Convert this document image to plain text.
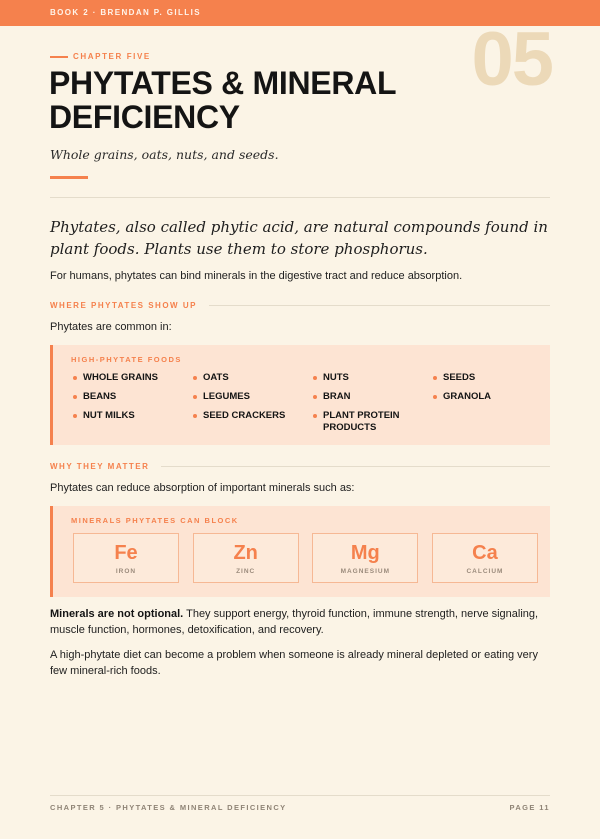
BOOK 2 · BRENDAN P. GILLIS
05
CHAPTER FIVE
PHYTATES & MINERAL DEFICIENCY
Whole grains, oats, nuts, and seeds.
Phytates, also called phytic acid, are natural compounds found in plant foods. Plants use them to store phosphorus.
For humans, phytates can bind minerals in the digestive tract and reduce absorption.
WHERE PHYTATES SHOW UP
Phytates are common in:
HIGH-PHYTATE FOODS
WHOLE GRAINS	OATS	NUTS	SEEDS
BEANS	LEGUMES	BRAN	GRANOLA
NUT MILKS	SEED CRACKERS	PLANT PROTEIN PRODUCTS
WHY THEY MATTER
Phytates can reduce absorption of important minerals such as:
MINERALS PHYTATES CAN BLOCK
Fe
IRON
Zn
ZINC
Mg
MAGNESIUM
Ca
CALCIUM
Minerals are not optional. They support energy, thyroid function, immune strength, nerve signaling, muscle function, hormones, detoxification, and recovery.
A high-phytate diet can become a problem when someone is already mineral depleted or eating very few mineral-rich foods.
CHAPTER 5 · PHYTATES & MINERAL DEFICIENCY	PAGE 11
